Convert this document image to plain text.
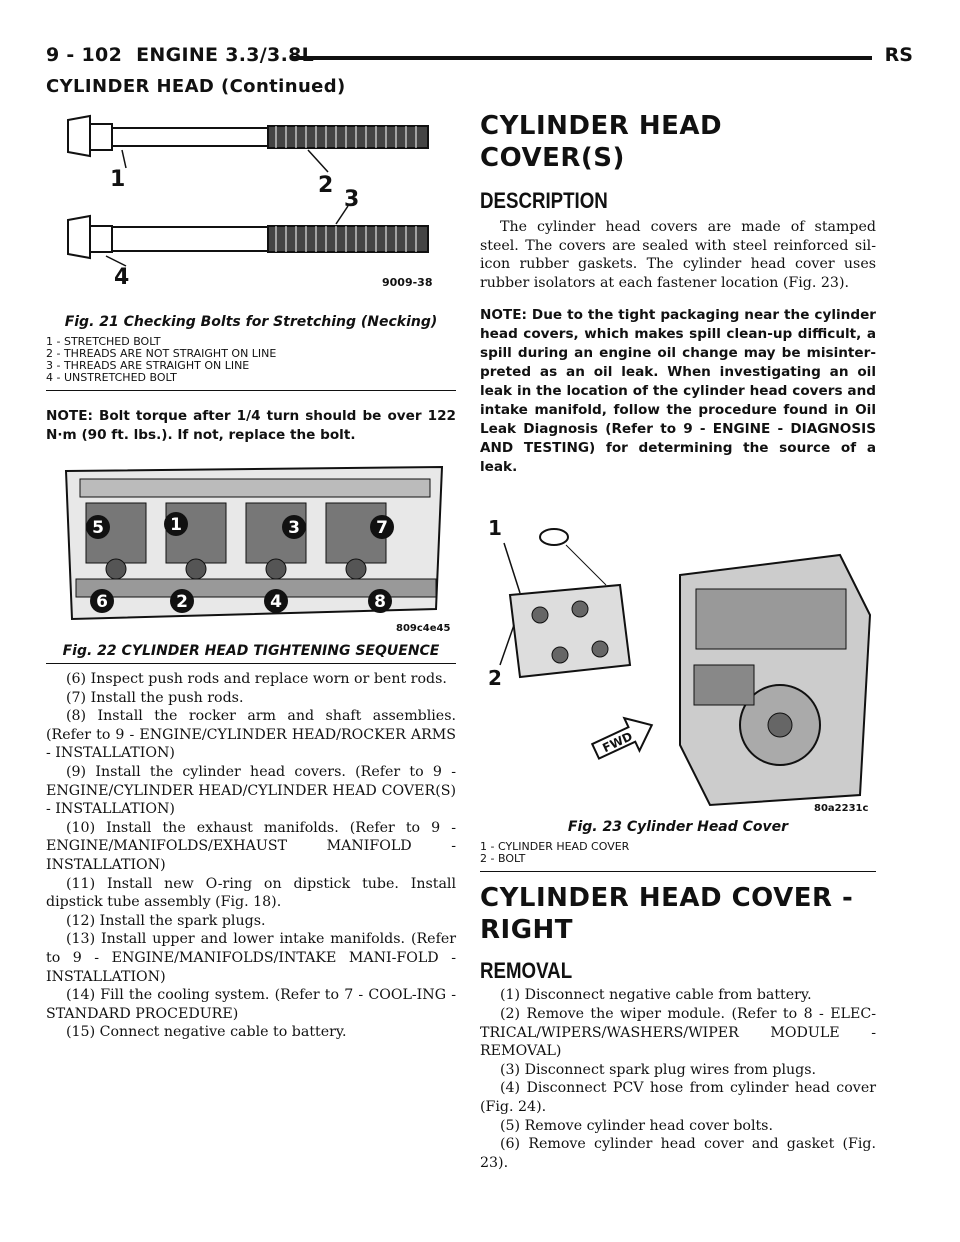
9 - 102 ENGINE 3.3/3.8L	RS
CYLINDER HEAD (Continued)
1	2
3
4	9009-38
Fig. 21 Checking Bolts for Stretching (Necking)
1 - STRETCHED BOLT
2 - THREADS ARE NOT STRAIGHT ON LINE
3 - THREADS ARE STRAIGHT ON LINE
4 - UNSTRETCHED BOLT
NOTE: Bolt torque after 1/4 turn should be over 122 N·m (90 ft. lbs.). If not, replace the bolt.
5	1	3	7
6	2	4	8
809c4e45
Fig. 22 CYLINDER HEAD TIGHTENING SEQUENCE

(6) Inspect push rods and replace worn or bent rods.

(7) Install the push rods.

(8) Install the rocker arm and shaft assemblies. (Refer to 9 - ENGINE/CYLINDER HEAD/ROCKER ARMS - INSTALLATION)

(9) Install the cylinder head covers. (Refer to 9 - ENGINE/CYLINDER HEAD/CYLINDER HEAD COVER(S) - INSTALLATION)

(10) Install the exhaust manifolds. (Refer to 9 - ENGINE/MANIFOLDS/EXHAUST MANIFOLD - INSTALLATION)

(11) Install new O-ring on dipstick tube. Install dipstick tube assembly (Fig. 18).

(12) Install the spark plugs.

(13) Install upper and lower intake manifolds. (Refer to 9 - ENGINE/MANIFOLDS/INTAKE MANI-FOLD - INSTALLATION)

(14) Fill the cooling system. (Refer to 7 - COOL-ING - STANDARD PROCEDURE)

(15) Connect negative cable to battery.

CYLINDER HEAD COVER(S)
DESCRIPTION

The cylinder head covers are made of stamped steel. The covers are sealed with steel reinforced sil-icon rubber gaskets. The cylinder head cover uses rubber isolators at each fastener location (Fig. 23).

NOTE: Due to the tight packaging near the cylinder head covers, which makes spill clean-up difficult, a spill during an engine oil change may be misinter-preted as an oil leak. When investigating an oil leak in the location of the cylinder head covers and intake manifold, follow the procedure found in Oil Leak Diagnosis (Refer to 9 - ENGINE - DIAGNOSIS AND TESTING) for determining the source of a leak.
1
2
FWD
80a2231c
Fig. 23 Cylinder Head Cover
1 - CYLINDER HEAD COVER
2 - BOLT
CYLINDER HEAD COVER - RIGHT
REMOVAL

(1) Disconnect negative cable from battery.

(2) Remove the wiper module. (Refer to 8 - ELEC-TRICAL/WIPERS/WASHERS/WIPER MODULE - REMOVAL)

(3) Disconnect spark plug wires from plugs.

(4) Disconnect PCV hose from cylinder head cover (Fig. 24).

(5) Remove cylinder head cover bolts.

(6) Remove cylinder head cover and gasket (Fig. 23).
